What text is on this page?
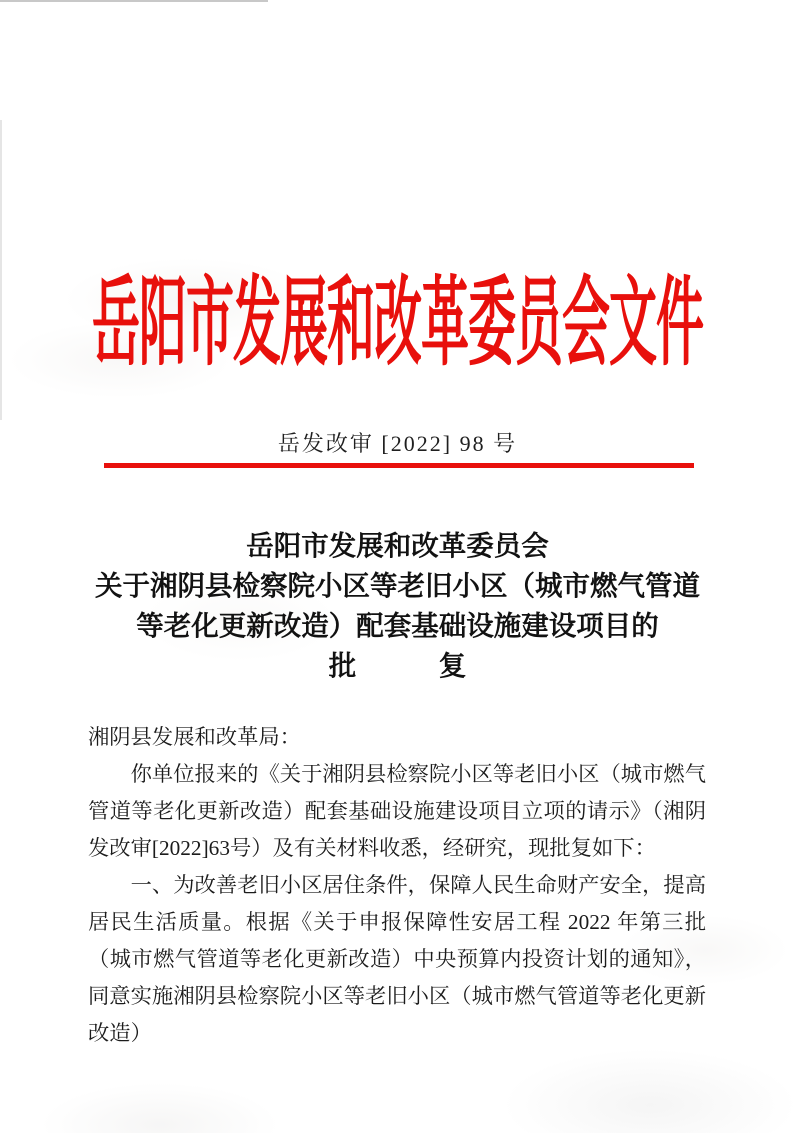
岳阳市发展和改革委员会文件
岳发改审 [2022] 98 号
岳阳市发展和改革委员会
关于湘阴县检察院小区等老旧小区（城市燃气管道
等老化更新改造）配套基础设施建设项目的
批　　　复

湘阴县发展和改革局：

你单位报来的《关于湘阴县检察院小区等老旧小区（城市燃气管道等老化更新改造）配套基础设施建设项目立项的请示》（湘阴发改审[2022]63号）及有关材料收悉，经研究，现批复如下：

一、为改善老旧小区居住条件，保障人民生命财产安全，提高居民生活质量。根据《关于申报保障性安居工程 2022 年第三批（城市燃气管道等老化更新改造）中央预算内投资计划的通知》，同意实施湘阴县检察院小区等老旧小区（城市燃气管道等老化更新改造）
